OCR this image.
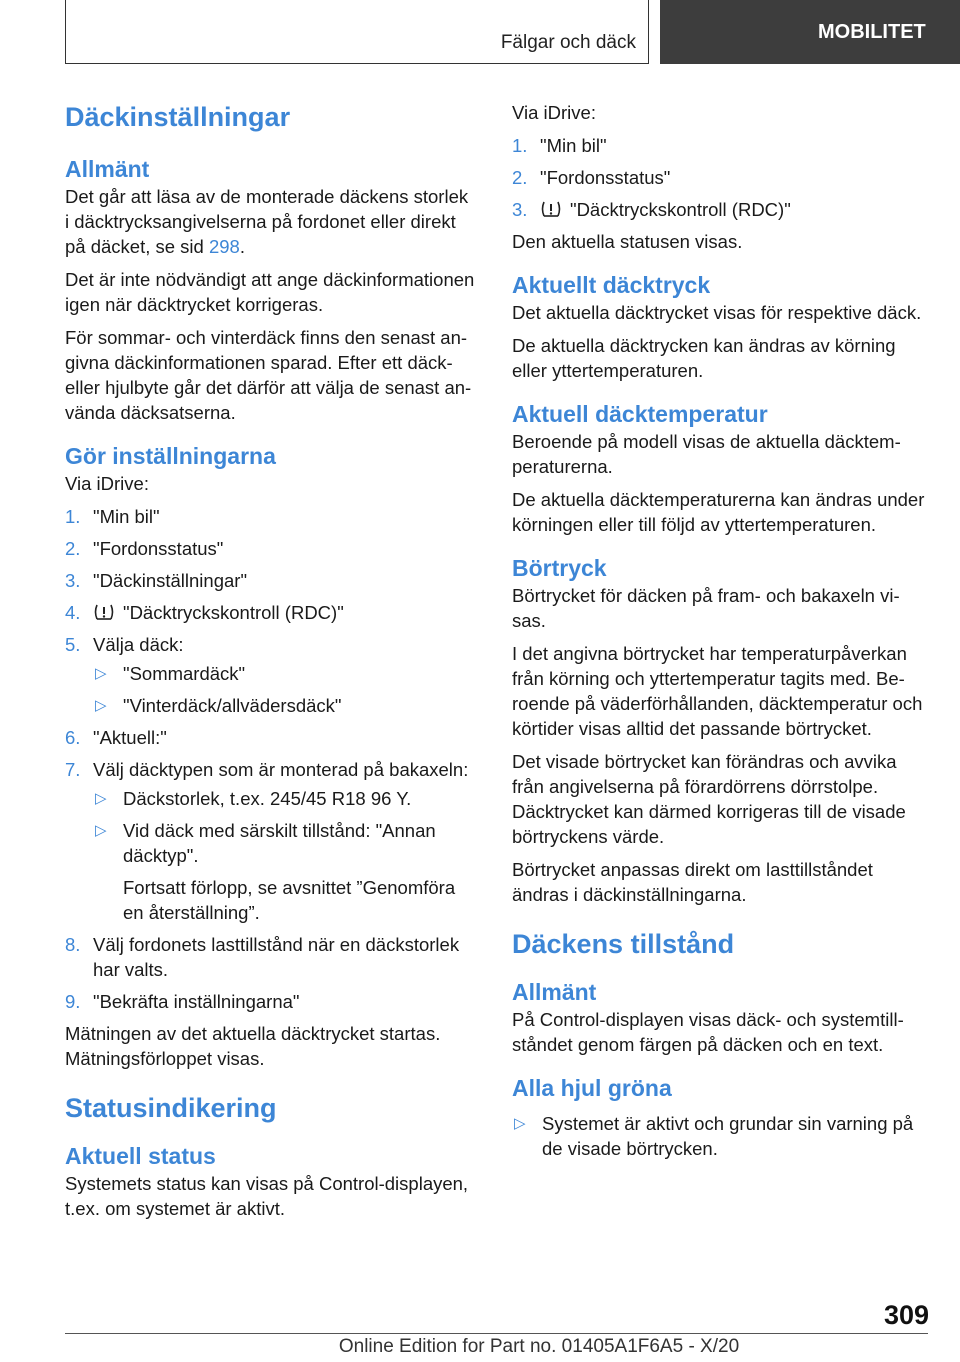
Fälgar och däck	MOBILITET
Däckinställningar
Allmänt

Det går att läsa av de monterade däckens storlek i däcktrycksangivelserna på fordonet eller direkt på däcket, se sid 298.

Det är inte nödvändigt att ange däckinformationen igen när däcktrycket korrigeras.

För sommar- och vinterdäck finns den senast angivna däckinformationen sparad. Efter ett däck- eller hjulbyte går det därför att välja de senast använda däcksatserna.

Gör inställningarna

Via iDrive:

1. "Min bil"
2. "Fordonsstatus"
3. "Däckinställningar"
4. "Däcktryckskontroll (RDC)"
5. Välja däck:
▷ "Sommardäck"
▷ "Vinterdäck/allvädersdäck"
6. "Aktuell:"
7. Välj däcktypen som är monterad på bakaxeln:
▷ Däckstorlek, t.ex. 245/45 R18 96 Y.
▷ Vid däck med särskilt tillstånd: "Annan däcktyp".
Fortsatt förlopp, se avsnittet ”Genomföra en återställning”.
8. Välj fordonets lasttillstånd när en däckstorlek har valts.
9. "Bekräfta inställningarna"

Mätningen av det aktuella däcktrycket startas. Mätningsförloppet visas.

Statusindikering
Aktuell status

Systemets status kan visas på Control-displayen, t.ex. om systemet är aktivt.

Via iDrive:

1. "Min bil"
2. "Fordonsstatus"
3. "Däcktryckskontroll (RDC)"

Den aktuella statusen visas.

Aktuellt däcktryck

Det aktuella däcktrycket visas för respektive däck.

De aktuella däcktrycken kan ändras av körning eller yttertemperaturen.

Aktuell däcktemperatur

Beroende på modell visas de aktuella däcktemperaturerna.

De aktuella däcktemperaturerna kan ändras under körningen eller till följd av yttertemperaturen.

Börtryck

Börtrycket för däcken på fram- och bakaxeln visas.

I det angivna börtrycket har temperaturpåverkan från körning och yttertemperatur tagits med. Beroende på väderförhållanden, däcktemperatur och körtider visas alltid det passande börtrycket.

Det visade börtrycket kan förändras och avvika från angivelserna på förardörrens dörrstolpe. Däcktrycket kan därmed korrigeras till de visade börtryckens värde.

Börtrycket anpassas direkt om lasttillståndet ändras i däckinställningarna.

Däckens tillstånd
Allmänt

På Control-displayen visas däck- och systemtillståndet genom färgen på däcken och en text.

Alla hjul gröna

▷ Systemet är aktivt och grundar sin varning på de visade börtrycken.

309
Online Edition for Part no. 01405A1F6A5 - X/20
